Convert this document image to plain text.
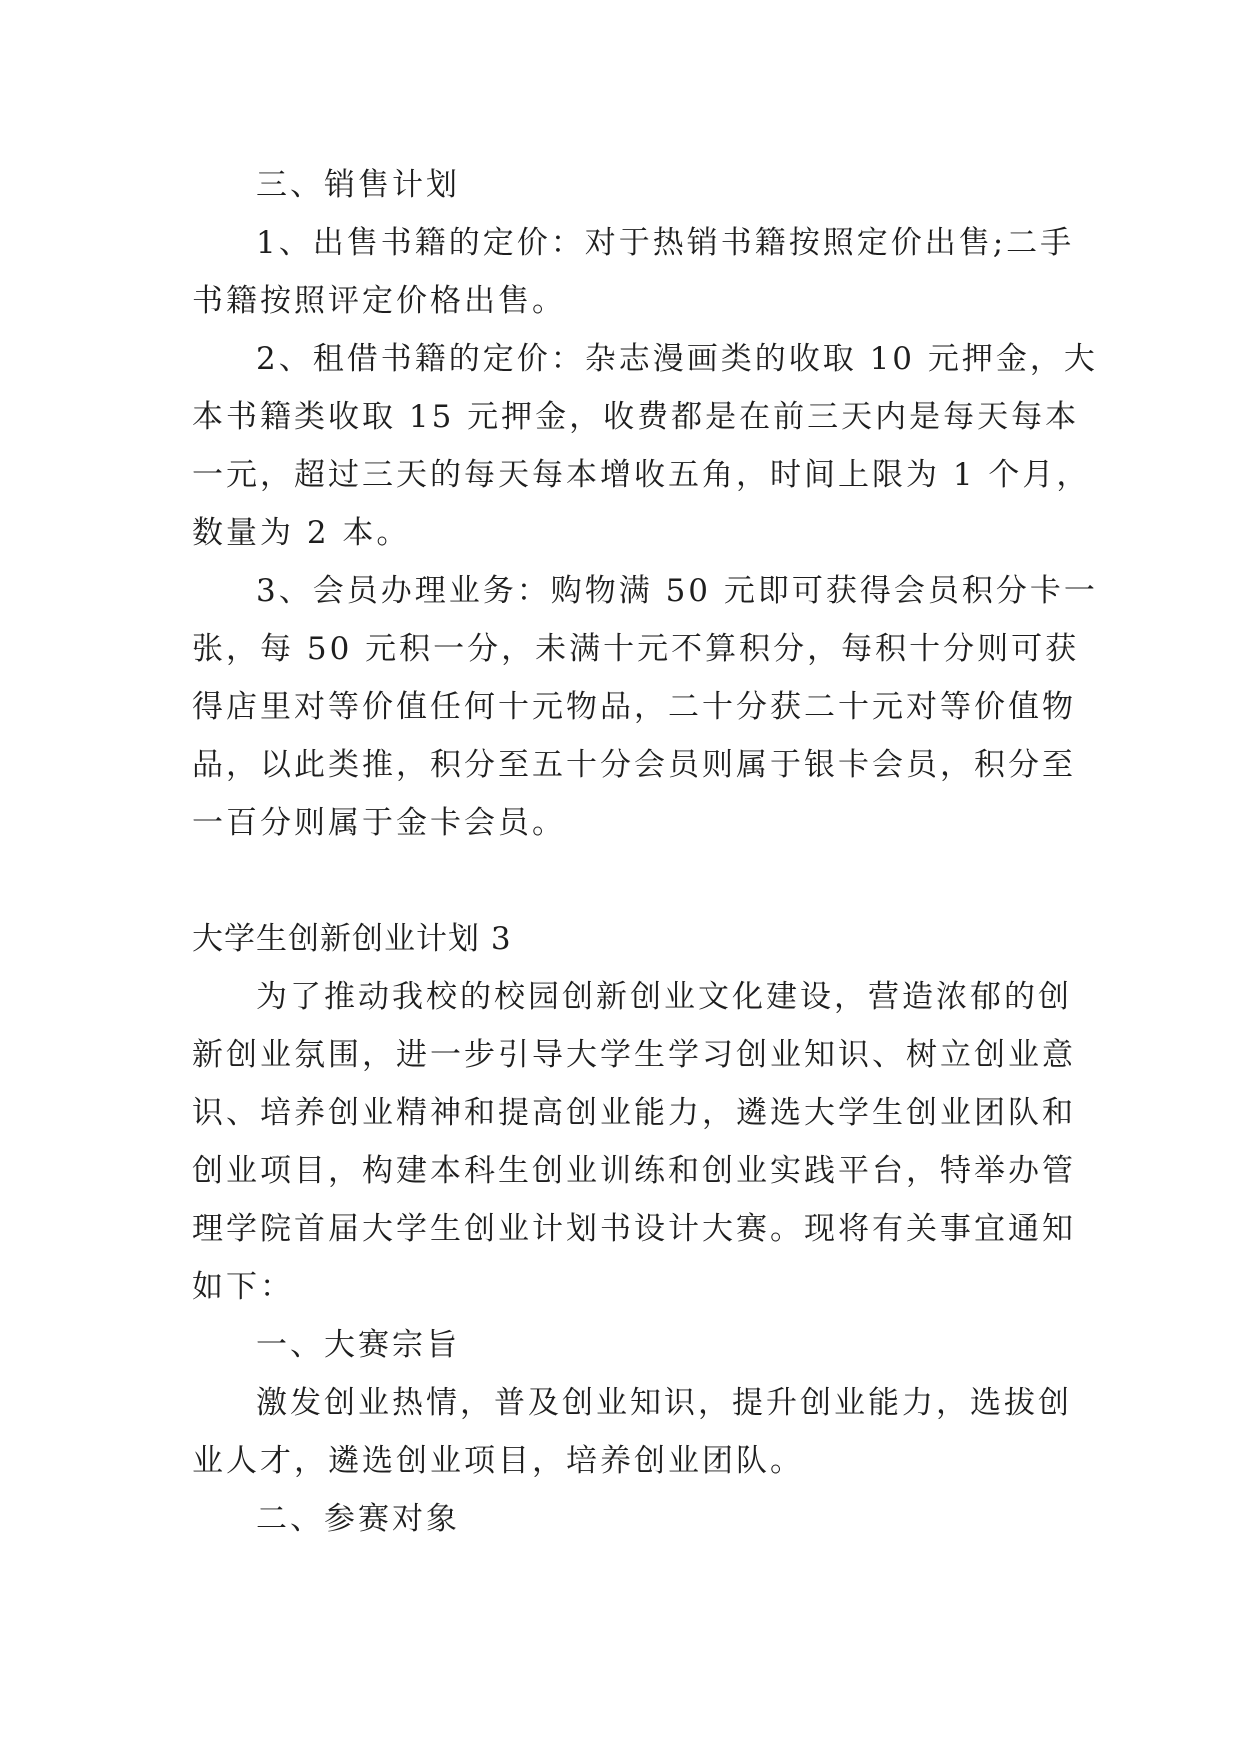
三、销售计划
1、出售书籍的定价：对于热销书籍按照定价出售;二手
书籍按照评定价格出售。
2、租借书籍的定价：杂志漫画类的收取 10 元押金，大
本书籍类收取 15 元押金，收费都是在前三天内是每天每本
一元，超过三天的每天每本增收五角，时间上限为 1 个月，
数量为 2 本。
3、会员办理业务：购物满 50 元即可获得会员积分卡一
张，每 50 元积一分，未满十元不算积分，每积十分则可获
得店里对等价值任何十元物品，二十分获二十元对等价值物
品，以此类推，积分至五十分会员则属于银卡会员，积分至
一百分则属于金卡会员。
大学生创新创业计划 3
为了推动我校的校园创新创业文化建设，营造浓郁的创
新创业氛围，进一步引导大学生学习创业知识、树立创业意
识、培养创业精神和提高创业能力，遴选大学生创业团队和
创业项目，构建本科生创业训练和创业实践平台，特举办管
理学院首届大学生创业计划书设计大赛。现将有关事宜通知
如下：
一、大赛宗旨
激发创业热情，普及创业知识，提升创业能力，选拔创
业人才，遴选创业项目，培养创业团队。
二、参赛对象
